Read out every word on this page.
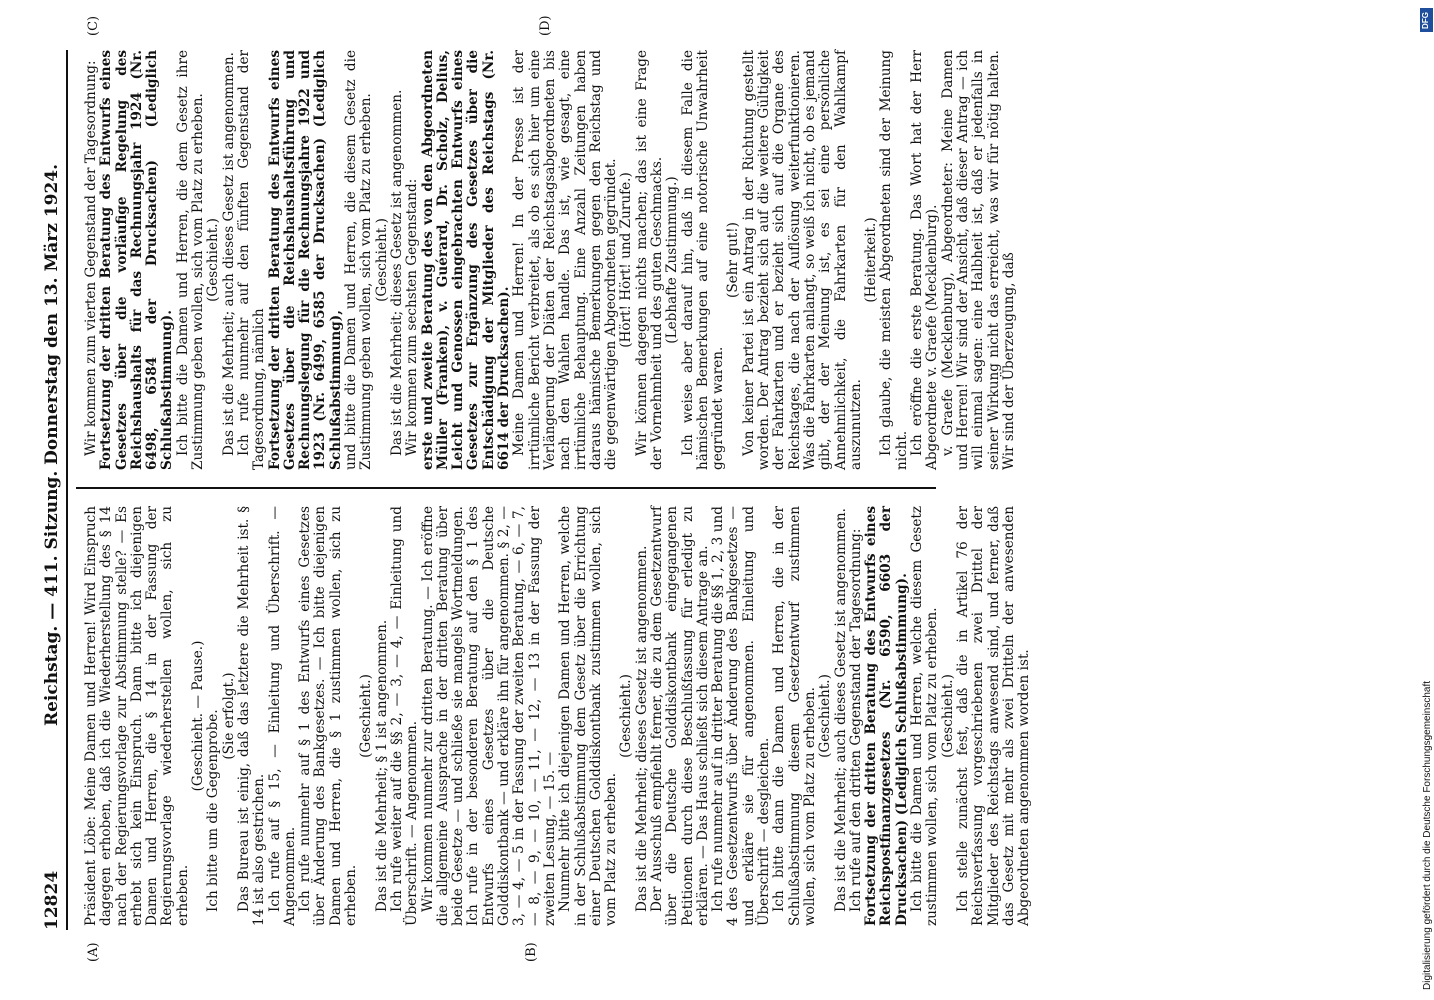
12824
Reichstag. — 411. Sitzung. Donnerstag den 13. März 1924.
(A)	(B)
(C)	(D)

Präsident Löbe: Meine Damen und Herren! Wird Einspruch dagegen erhoben, daß ich die Wiederherstellung des § 14 nach der Regierungsvorlage zur Abstimmung stelle? — Es erhebt sich kein Einspruch. Dann bitte ich diejenigen Damen und Herren, die § 14 in der Fassung der Regierungsvorlage wiederherstellen wollen, sich zu erheben.

(Geschieht. — Pause.) Ich bitte um die Gegenprobe. (Sie erfolgt.) Das Bureau ist einig, daß das letztere die Mehrheit ist. § 14 ist also gestrichen. Ich rufe auf § 15, — Einleitung und Überschrift. — Angenommen. Ich rufe nunmehr auf § 1 des Entwurfs eines Gesetzes über Änderung des Bankgesetzes. — Ich bitte diejenigen Damen und Herren, die § 1 zustimmen wollen, sich zu erheben.

(Geschieht.) Das ist die Mehrheit; § 1 ist angenommen. Ich rufe weiter auf die §§ 2, — 3, — 4, — Einleitung und Überschrift. — Angenommen. Wir kommen nunmehr zur dritten Beratung. — Ich eröffne die allgemeine Aussprache in der dritten Beratung über beide Gesetze — und schließe sie mangels Wortmeldungen. Ich rufe in der besonderen Beratung auf den § 1 des Entwurfs eines Gesetzes über die Deutsche Golddiskontbank — und erkläre ihn für angenommen. § 2, — 3, — 4, — 5 in der Fassung der zweiten Beratung, — 6, — 7, — 8, — 9, — 10, — 11, — 12, — 13 in der Fassung der zweiten Lesung, — 15. — Nunmehr bitte ich diejenigen Damen und Herren, welche in der Schlußabstimmung dem Gesetz über die Errichtung einer Deutschen Golddiskontbank zustimmen wollen, sich vom Platz zu erheben.

(Geschieht.) Das ist die Mehrheit; dieses Gesetz ist angenommen. Der Ausschuß empfiehlt ferner, die zu dem Gesetzentwurf über die Deutsche Golddiskontbank eingegangenen Petitionen durch diese Beschlußfassung für erledigt zu erklären. — Das Haus schließt sich diesem Antrage an. Ich rufe nunmehr auf in dritter Beratung die §§ 1, 2, 3 und 4 des Gesetzentwurfs über Änderung des Bankgesetzes — und erkläre sie für angenommen. Einleitung und Überschrift — desgleichen. Ich bitte dann die Damen und Herren, die in der Schlußabstimmung diesem Gesetzentwurf zustimmen wollen, sich vom Platz zu erheben. (Geschieht.) Das ist die Mehrheit; auch dieses Gesetz ist angenommen. Ich rufe auf den dritten Gegenstand der Tagesordnung: Fortsetzung der dritten Beratung des Entwurfs eines Reichspostfinanzgesetzes (Nr. 6590, 6603 der Drucksachen) (Lediglich Schlußabstimmung). Ich bitte die Damen und Herren, welche diesem Gesetz zustimmen wollen, sich vom Platz zu erheben. (Geschieht.) Ich stelle zunächst fest, daß die in Artikel 76 der Reichsverfassung vorgeschriebenen zwei Drittel der Mitglieder des Reichstags anwesend sind, und ferner, daß das Gesetz mit mehr als zwei Dritteln der anwesenden Abgeordneten angenommen worden ist.

Wir kommen zum vierten Gegenstand der Tagesordnung: Fortsetzung der dritten Beratung des Entwurfs eines Gesetzes über die vorläufige Regelung des Reichshaushalts für das Rechnungsjahr 1924 (Nr. 6498, 6584 der Drucksachen) (Lediglich Schlußabstimmung). Ich bitte die Damen und Herren, die dem Gesetz ihre Zustimmung geben wollen, sich vom Platz zu erheben. (Geschieht.) Das ist die Mehrheit; auch dieses Gesetz ist angenommen. Ich rufe nunmehr auf den fünften Gegenstand der Tagesordnung, nämlich Fortsetzung der dritten Beratung des Entwurfs eines Gesetzes über die Reichshaushaltsführung und Rechnungslegung für die Rechnungsjahre 1922 und 1923 (Nr. 6499, 6585 der Drucksachen) (Lediglich Schlußabstimmung), und bitte die Damen und Herren, die diesem Gesetz die Zustimmung geben wollen, sich vom Platz zu erheben. (Geschieht.) Das ist die Mehrheit; dieses Gesetz ist angenommen. Wir kommen zum sechsten Gegenstand: erste und zweite Beratung des von den Abgeordneten Müller (Franken), v. Guérard, Dr. Scholz, Delius, Leicht und Genossen eingebrachten Entwurfs eines Gesetzes zur Ergänzung des Gesetzes über die Entschädigung der Mitglieder des Reichstags (Nr. 6614 der Drucksachen). Meine Damen und Herren! In der Presse ist der irrtümliche Bericht verbreitet, als ob es sich hier um eine Verlängerung der Diäten der Reichstagsabgeordneten bis nach den Wahlen handle. Das ist, wie gesagt, eine irrtümliche Behauptung. Eine Anzahl Zeitungen haben daraus hämische Bemerkungen gegen den Reichstag und die gegenwärtigen Abgeordneten gegründet. (Hört! Hört! und Zurufe.) Wir können dagegen nichts machen; das ist eine Frage der Vornehmheit und des guten Geschmacks. (Lebhafte Zustimmung.) Ich weise aber darauf hin, daß in diesem Falle die hämischen Bemerkungen auf eine notorische Unwahrheit gegründet waren.

(Sehr gut!) Von keiner Partei ist ein Antrag in der Richtung gestellt worden. Der Antrag bezieht sich auf die weitere Gültigkeit der Fahrkarten und er bezieht sich auf die Organe des Reichstages, die nach der Auflösung weiterfunktionieren. Was die Fahrkarten anlangt, so weiß ich nicht, ob es jemand gibt, der der Meinung ist, es sei eine persönliche Annehmlichkeit, die Fahrkarten für den Wahlkampf auszunutzen.

(Heiterkeit.) Ich glaube, die meisten Abgeordneten sind der Meinung nicht. Ich eröffne die erste Beratung. Das Wort hat der Herr Abgeordnete v. Graefe (Mecklenburg). v. Graefe (Mecklenburg), Abgeordneter: Meine Damen und Herren! Wir sind der Ansicht, daß dieser Antrag — ich will einmal sagen: eine Halbheit ist, daß er jedenfalls in seiner Wirkung nicht das erreicht, was wir für nötig halten. Wir sind der Überzeugung, daß

DFG
Digitalisierung gefördert durch die Deutsche Forschungsgemeinschaft
